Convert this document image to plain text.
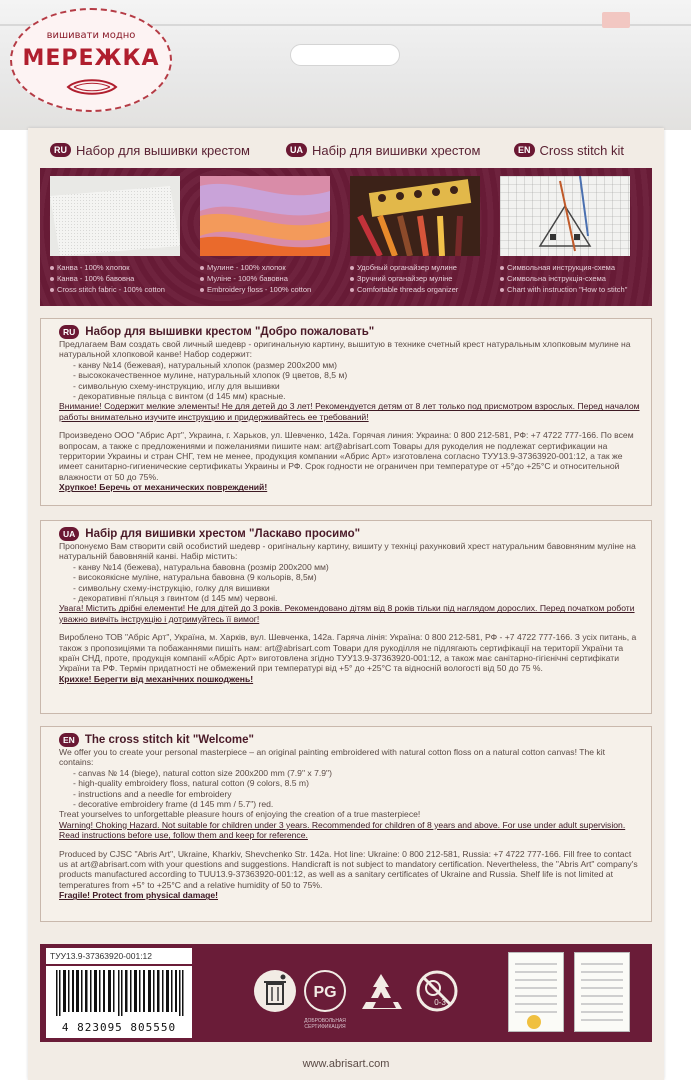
вишивати модно
МЕРЕЖКА
RU Набор для вышивки крестом	UA Набір для вишивки хрестом	EN Cross stitch kit
Канва - 100% хлопок
Канва - 100% бавовна
Cross stitch fabric - 100% cotton
Мулине - 100% хлопок
Мулiне - 100% бавовна
Embroidery floss - 100% cotton
Удобный органайзер мулине
Зручний органайзер мулiне
Comfortable threads organizer
Символьная инструкция-схема
Символьна інструкція-схема
Chart with instruction "How to stitch"
RU Набор для вышивки крестом "Добро пожаловать"

Предлагаем Вам создать свой личный шедевр - оригинальную картину, вышитую в технике счетный крест натуральным хлопковым мулине на натуральной хлопковой канве! Набор содержит:

- канву №14 (бежевая), натуральный хлопок (размер 200x200 мм)

- высококачественное мулине, натуральный хлопок (9 цветов, 8,5 м)

- символьную схему-инструкцию, иглу для вышивки

- декоративные пяльца с винтом (d 145 мм) красные.

Внимание! Содержит мелкие элементы! Не для детей до 3 лет! Рекомендуется детям от 8 лет только под присмотром взрослых. Перед началом работы внимательно изучите инструкцию и придерживайтесь ее требований!

Произведено ООО "Абрис Арт", Украина, г. Харьков, ул. Шевченко, 142а. Горячая линия: Украина: 0 800 212-581, РФ: +7 4722 777-166. По всем вопросам, а также с предложениями и пожеланиями пишите нам: art@abrisart.com Товары для рукоделия не подлежат сертификации на территории Украины и стран СНГ, тем не менее, продукция компании «Абрис Арт» изготовлена согласно ТУУ13.9-37363920-001:12, а так же имеет санитарно-гигиенические сертификаты Украины и РФ. Срок годности не ограничен при температуре от +5°до +25°С и относительной влажности от 50 до 75%.

Хрупкое! Беречь от механических повреждений!

UA Набір для вишивки хрестом "Ласкаво просимо"

Пропонуємо Вам створити свій особистий шедевр - оригінальну картину, вишиту у техніці рахунковий хрест натуральним бавовняним мулiне на натуральній бавовняній канві. Набір містить:

- канву №14 (бежева), натуральна бавовна (розмір 200x200 мм)

- високоякісне мулiне, натуральна бавовна (9 кольорів, 8,5м)

- символьну схему-інструкцію, голку для вишивки

- декоративні п'яльця з гвинтом (d 145 мм) червоні.

Увага! Містить дрібні елементи! Не для дітей до 3 років. Рекомендовано дітям від 8 років тільки під наглядом дорослих. Перед початком роботи уважно вивчіть інструкцію і дотримуйтесь її вимог!

Вироблено ТОВ "Абріс Арт", Україна, м. Харків, вул. Шевченка, 142а. Гаряча лінія: Україна: 0 800 212-581, РФ - +7 4722 777-166. З усіх питань, а також з пропозиціями та побажаннями пишіть нам: art@abrisart.com Товари для рукоділля не підлягають сертифікації на території України та країн СНД, проте, продукція компанії «Абріс Арт» виготовлена згідно ТУУ13.9-37363920-001:12, а також має санітарно-гігієнічні сертифікати України та РФ. Термін придатності не обмежений при температурі від +5° до +25°С та відносній вологості від 50 до 75 %.

Крихке! Берегти від механічних пошкоджень!

EN The cross stitch kit "Welcome"

We offer you to create your personal masterpiece – an original painting embroidered with natural cotton floss on a natural cotton canvas! The kit contains:

- canvas № 14 (biege), natural cotton size 200x200 mm (7.9" x 7.9")

- high-quality embroidery floss, natural cotton (9 colors, 8.5 m)

- instructions and a needle for embroidery

- decorative embroidery frame (d 145 mm / 5.7") red.

Treat yourselves to unforgettable pleasure hours of enjoying the creation of a true masterpiece!

Warning! Choking Hazard. Not suitable for children under 3 years. Recommended for children of 8 years and above. For use under adult supervision. Read instructions before use, follow them and keep for reference.

Produced by CJSC "Abris Art", Ukraine, Kharkiv, Shevchenko Str. 142a. Hot line: Ukraine: 0 800 212-581, Russia: +7 4722 777-166. Fill free to contact us at art@abrisart.com with your questions and suggestions. Handicraft is not subject to mandatory certification. Nevertheless, the "Abris Art" company's products manufactured according to TUU13.9-37363920-001:12, as well as a sanitary certificates of Ukraine and Russia. Shelf life is not limited at temperatures from +5° to +25°C and a relative humidity of 50 to 75%.

Fragile! Protect from physical damage!

ТУУ13.9-37363920-001:12
4 823095 805550
PG
ДОБРОВОЛЬНАЯ СЕРТИФИКАЦИЯ
0-3
www.abrisart.com
